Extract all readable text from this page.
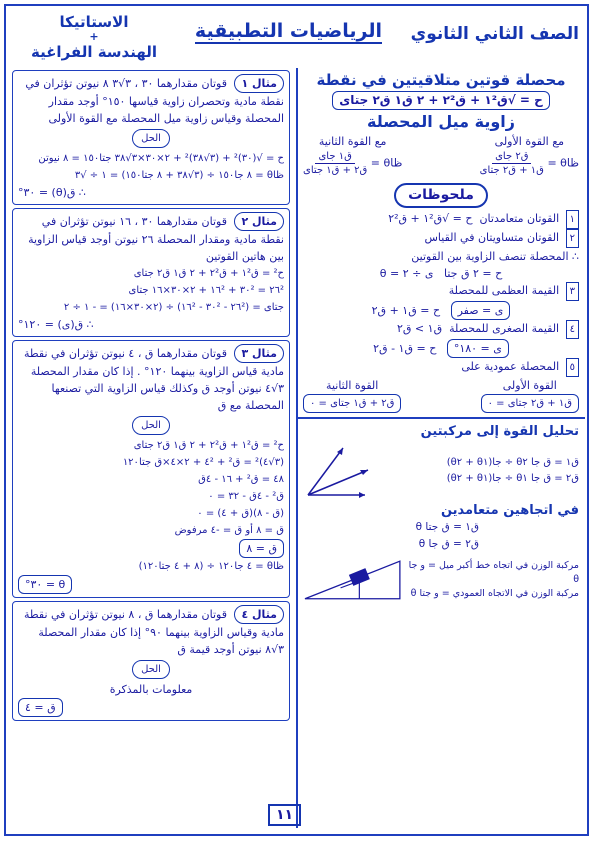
الصف الثاني الثانوي
الرياضيات التطبيقية
الاستاتيكا
+
الهندسة الفراغية
محصلة قوتين متلاقيتين في نقطة
ح = √ق١² + ق٢² + ٢ ق١ ق٢ جتاى
زاوية ميل المحصلة
مع القوة الأولى
ظاθ =
$\frac{\text{ق٢ جاى}}{\text{ق١ + ق٢ جتاى}}$
مع القوة الثانية
ظاθ =
$\frac{\text{ق١ جاى}}{\text{ق٢ + ق١ جتاى}}$
ملحوظات
١ القوتان متعامدتان  ح = √ق١² + ق٢²
٢ القوتان متساويتان في القياس
∴ المحصلة تنصف الزاوية بين القوتين
ح = ٢ ق جتا   ى ÷ ٢ = θ
٣ القيمة العظمى للمحصلة
ى = صفر   ح = ق١ + ق٢
٤ القيمة الصغرى للمحصلة  ق١ > ق٢
ى = ١٨٠°   ح = ق١ - ق٢
٥ المحصلة عمودية على
القوة الأولى
ق١ + ق٢ جتاى = ٠
القوة الثانية
ق٢ + ق١ جتاى = ٠
تحليل القوة إلى مركبتين
ق١ = ق جا θ٢ ÷ جا(θ١ + θ٢)
ق٢ = ق جا θ١ ÷ جا(θ١ + θ٢)
في اتجاهين متعامدين
ق١ = ق جتا θ
ق٢ = ق جا θ
مركبة الوزن في اتجاه خط أكبر ميل = و جا θ
مركبة الوزن في الاتجاه العمودي = و جتا θ
مثال ١ قوتان مقدارهما ٣٠ ، ٣√٣ ٨ نيوتن تؤثران في نقطة مادية وتحصران زاوية قياسها ١٥٠° أوجد مقدار المحصلة وقياس زاوية ميل المحصلة مع القوة الأولى
الحل
ح = √(٣٠)² + (٣√٣٨)² + ٢×٣٠×٣√٣٨ جتا١٥٠ = ٨ نيوتن
ظاθ = ٨ جا١٥٠ ÷ (٣√٣٨ + ٨ جتا١٥٠) = ١ ÷ √٣
∴ ق(θ) = ٣٠°
مثال ٢ قوتان مقدارهما ٣٠ ، ١٦ نيوتن تؤثران في نقطة مادية ومقدار المحصلة ٢٦ نيوتن أوجد قياس الزاوية بين هاتين القوتين
ح² = ق١² + ق٢² + ٢ ق١ ق٢ جتاى
٢٦² = ٣٠² + ١٦² + ٢×٣٠×١٦ جتاى
جتاى = (٢٦² - ٣٠² - ١٦²) ÷ (٢×٣٠×١٦) = - ١ ÷ ٢
∴ ق(ى) = ١٢٠°
مثال ٣ قوتان مقدارهما ق ، ٤ نيوتن تؤثران في نقطة مادية قياس الزاوية بينهما ١٢٠° . إذا كان مقدار المحصلة ٣√٤ نيوتن أوجد ق وكذلك قياس الزاوية التي تصنعها المحصلة مع ق
الحل
ح² = ق١² + ق٢² + ٢ ق١ ق٢ جتاى
(٣√٤)² = ق² + ٤² + ٢×٤×ق جتا١٢٠
٤٨ = ق² + ١٦ - ٤ق
ق² - ٤ق - ٣٢ = ٠
(ق - ٨)(ق + ٤) = ٠
ق = ٨ أو ق = -٤ مرفوض
ق = ٨
ظاθ = ٤ جا١٢٠ ÷ (٨ + ٤ جتا١٢٠)
θ = ٣٠°
مثال ٤ قوتان مقدارهما ق ، ٨ نيوتن تؤثران في نقطة مادية وقياس الزاوية بينهما ٩٠° إذا كان مقدار المحصلة ٣√٨ نيوتن أوجد قيمة ق
الحل
معلومات بالمذكرة
ق = ٤
١١
